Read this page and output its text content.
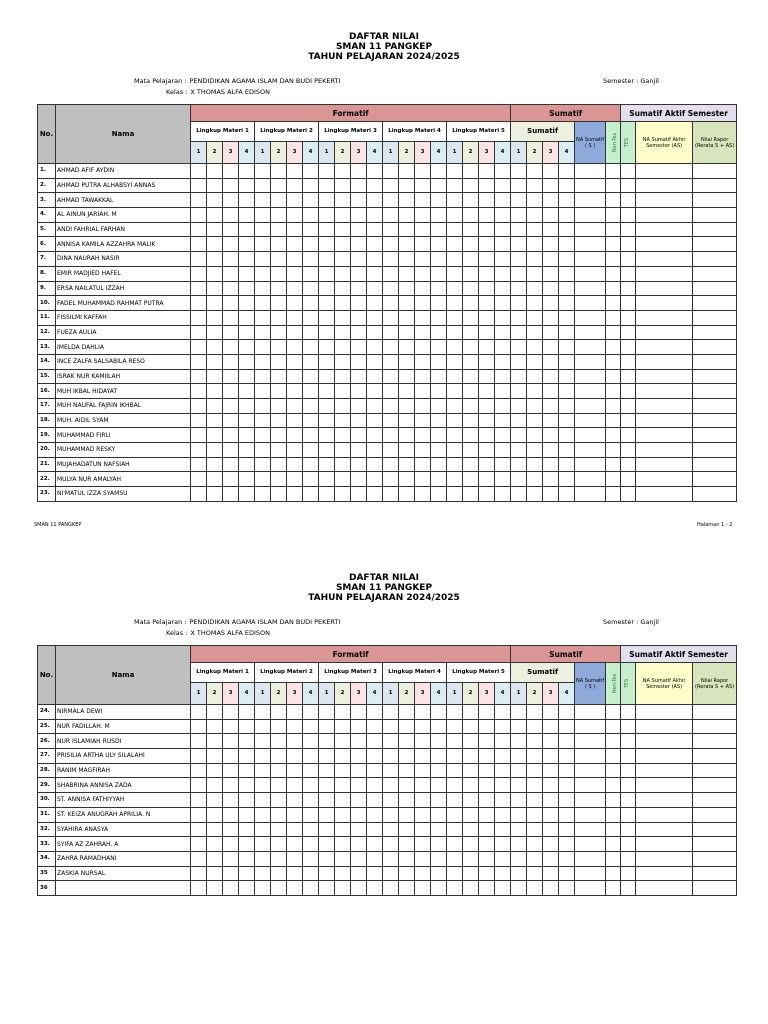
DAFTAR NILAI
SMAN 11 PANGKEP
TAHUN PELAJARAN 2024/2025
Mata Pelajaran : PENDIDIKAN AGAMA ISLAM DAN BUDI PEKERTI
Kelas : X THOMAS ALFA EDISON
Semester : Ganjil
No.	Nama	Formatif																				Sumatif						Sumatif Aktif Semester			
		Lingkup Materi 1				Lingkup Materi 2				Lingkup Materi 3				Lingkup Materi 4				Lingkup Materi 5				Sumatif				NA Sumatif ( S )	Non-Tes	TES	NA Sumatif Akhir Semester (AS)	Nilai Rapor (Rerata S + AS)	
		1	2	3	4	1	2	3	4	1	2	3	4	1	2	3	4	1	2	3	4	1	2	3	4						
1.	AHMAD AFIF AYDIN																																	
2.	AHMAD PUTRA ALHABSYI ANNAS																																	
3.	AHMAD TAWAKKAL																																	
4.	AL AINUN JARIAH. M																																	
5.	ANDI FAHRIAL FARHAN																																	
6.	ANNISA KAMILA AZZAHRA MALIK																																	
7.	DINA NAURAH NASIR																																	
8.	EMIR MADJIED HAFEL																																	
9.	ERSA NAILATUL IZZAH																																	
10.	FADEL MUHAMMAD RAHMAT PUTRA																																	
11.	FISSILMI KAFFAH																																	
12.	FUEZA AULIA																																	
13.	IMELDA DAHLIA																																	
14.	INCE ZALFA SALSABILA RESO																																	
15.	ISRAK NUR KAMIILAH																																	
16.	MUH IKBAL HIDAYAT																																	
17.	MUH NAUFAL FAJRIN IKHBAL																																	
18.	MUH. AIDIL SYAM																																	
19.	MUHAMMAD FIRLI																																	
20.	MUHAMMAD RESKY																																	
21.	MUJAHADATUN NAFSIAH																																	
22.	MULYA NUR AMALYAH																																	
23.	NI'MATUL IZZA SYAMSU																																	
SMAN 11 PANGKEP	Halaman 1 - 2
DAFTAR NILAI
SMAN 11 PANGKEP
TAHUN PELAJARAN 2024/2025
Mata Pelajaran : PENDIDIKAN AGAMA ISLAM DAN BUDI PEKERTI
Kelas : X THOMAS ALFA EDISON
Semester : Ganjil
No.	Nama	Formatif																				Sumatif						Sumatif Aktif Semester			
		Lingkup Materi 1				Lingkup Materi 2				Lingkup Materi 3				Lingkup Materi 4				Lingkup Materi 5				Sumatif				NA Sumatif ( S )	Non-Tes	TES	NA Sumatif Akhir Semester (AS)	Nilai Rapor (Rerata S + AS)	
		1	2	3	4	1	2	3	4	1	2	3	4	1	2	3	4	1	2	3	4	1	2	3	4						
24.	NIRMALA DEWI																																	
25.	NUR FADILLAH. M																																	
26.	NUR ISLAMIAH RUSDI																																	
27.	PRISILIA ARTHA ULY SILALAHI																																	
28.	RANIM MAGFIRAH																																	
29.	SHABRINA ANNISA ZADA																																	
30.	ST. ANNISA FATHIYYAH																																	
31.	ST. KEIZA ANUGRAH APRILIA. N																																	
32.	SYAHIRA ANASYA																																	
33.	SYIFA AZ ZAHRAH. A																																	
34.	ZAHRA RAMADHANI																																	
35	ZASKIA NURSAL																																	
36																																		
